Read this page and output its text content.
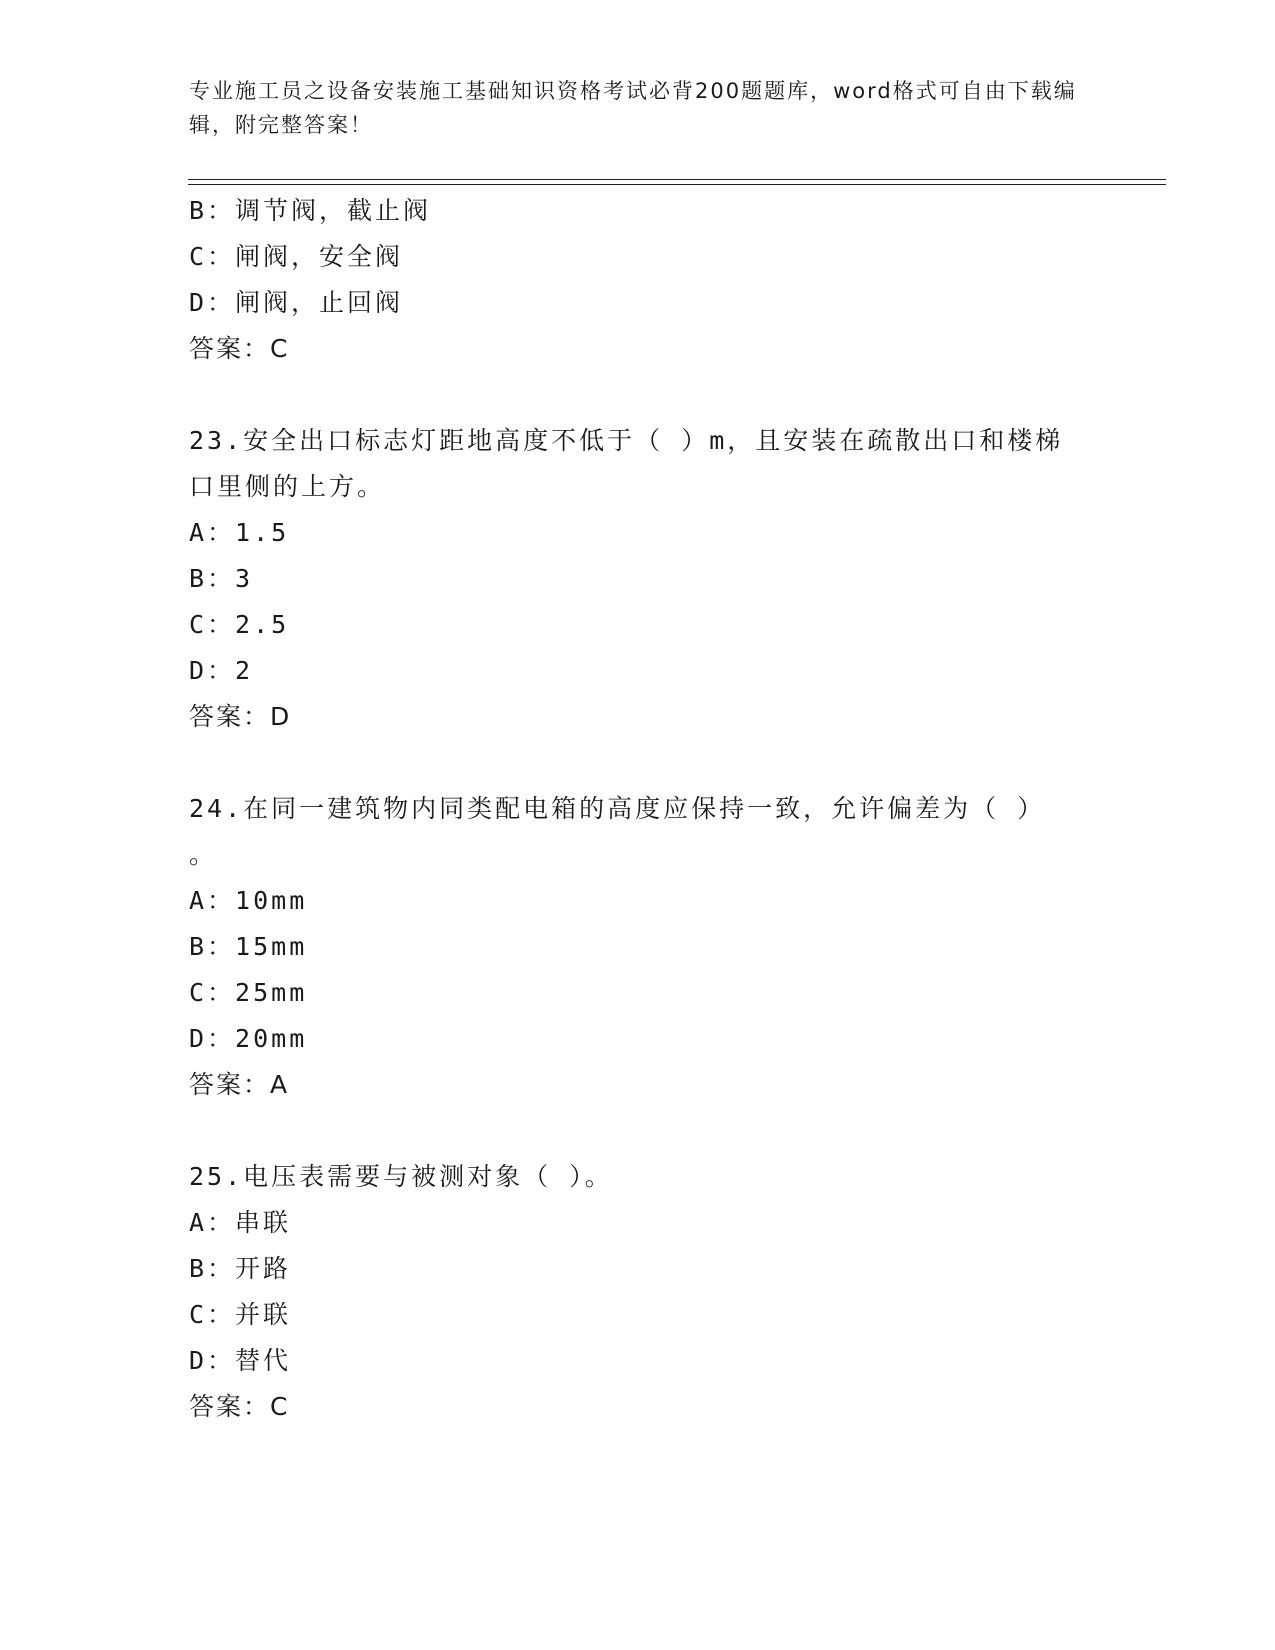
专业施工员之设备安装施工基础知识资格考试必背200题题库，word格式可自由下载编辑，附完整答案！
B：调节阀，截止阀
C：闸阀，安全阀
D：闸阀，止回阀
答案：C
23.安全出口标志灯距地高度不低于（ ）m，且安装在疏散出口和楼梯
口里侧的上方。
A：1.5
B：3
C：2.5
D：2
答案：D
24.在同一建筑物内同类配电箱的高度应保持一致，允许偏差为（ ）
。
A：10mm
B：15mm
C：25mm
D：20mm
答案：A
25.电压表需要与被测对象（ ）。
A：串联
B：开路
C：并联
D：替代
答案：C
